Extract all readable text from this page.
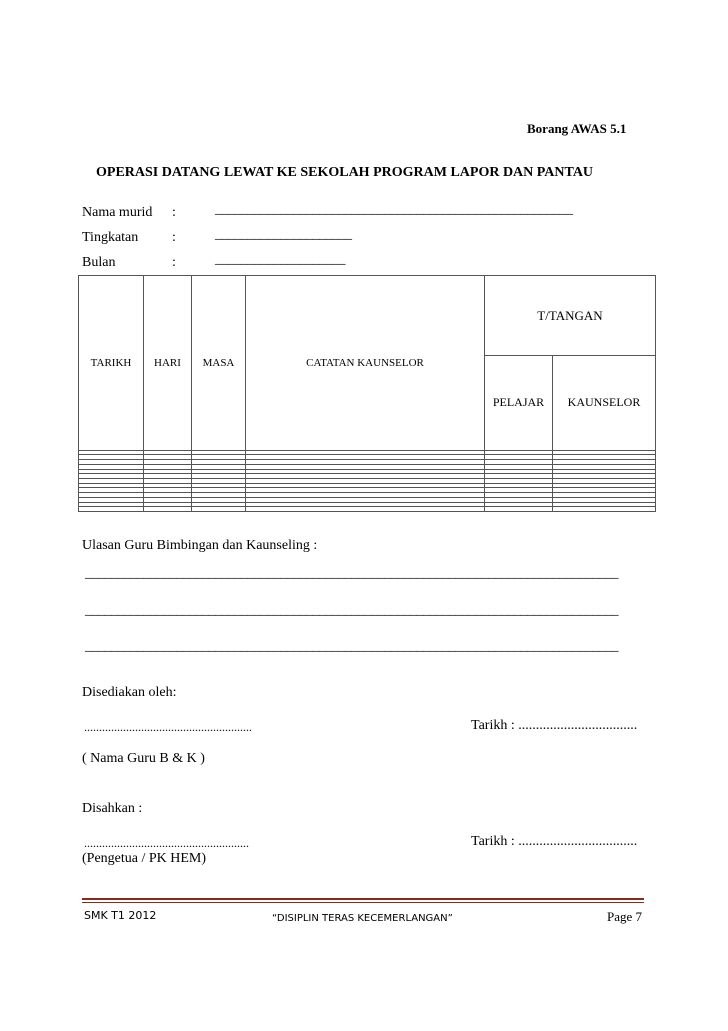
Borang AWAS 5.1
OPERASI DATANG LEWAT KE SEKOLAH PROGRAM LAPOR DAN PANTAU
Nama murid :	_______________________________________________________
Tingkatan :	_____________________
Bulan	:	____________________
TARIKH	HARI	MASA	CATATAN KAUNSELOR	T/TANGAN	
				PELAJAR	KAUNSELOR

Ulasan Guru Bimbingan dan Kaunseling :
__________________________________________________________________________________
__________________________________________________________________________________
__________________________________________________________________________________
Disediakan oleh:
........................................................	Tarikh : ..................................
( Nama Guru B & K )
Disahkan :
.......................................................	Tarikh : ..................................
(Pengetua / PK HEM)
SMK T1 2012	“DISIPLIN TERAS KECEMERLANGAN”	Page 7
